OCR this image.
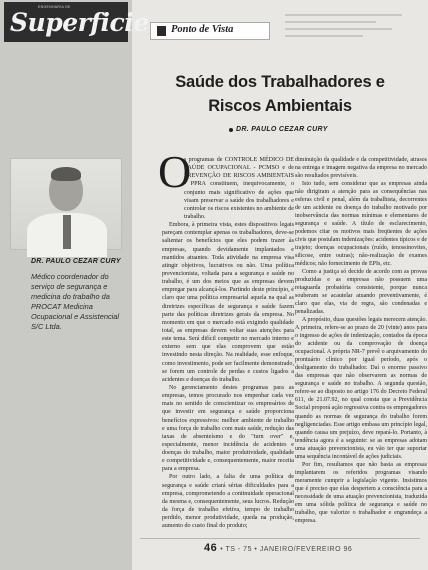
ENGENHARIA DE
Superficie
DR. PAULO CEZAR CURY
Médico coordenador do serviço de segurança e medicina do trabalho da PROCAT Medicina Ocupacional e Assistencial S/C Ltda.
Ponto de Vista
Saúde dos Trabalhadores e
Riscos Ambientais
DR. PAULO CEZAR CURY
O

s programas de CONTROLE MÉDICO DE SAÚDE OCUPACIONAL - PCMSO e de PREVENÇÃO DE RISCOS AMBIENTAIS - PPRA constituem, inequivocamente, o conjunto mais significativo de ações que visam preservar a saúde dos trabalhadores e controlar os riscos existentes no ambiente de trabalho.

Embora, à primeira vista, estes dispositivos legais pareçam contemplar apenas os trabalhadores, deve-se salientar os benefícios que eles podem trazer às empresas, quando devidamente implantados e mantidos atuantes. Toda atividade na empresa visa atingir objetivos, lucrativos ou não. Uma política prevencionista, voltada para a segurança e saúde no trabalho, é um dos meios que as empresas devem empregar para alcançá-los. Partindo deste princípio, é claro que uma política empresarial aquela na qual as diretrizes específicas de segurança e saúde fazem parte das políticas diretrizes gerais da empresa. No momento em que o mercado está exigindo qualidade total, as empresas devem voltar suas atenções para este tema. Será difícil competir no mercado interno e externo sem que elas comprovem que estão investindo nesta direção. Na realidade, esse enfoque, como investimento, pode ser facilmente demonstrado, se forem um controle de perdas e custos ligados a acidentes e doenças do trabalho.

No gerenciamento destes programas para as empresas, temos procurado nos empenhar cada vez mais no sentido de conscientizar os empresários de que investir em segurança e saúde proporciona benefícios expressivos: melhor ambiente de trabalho e uma força de trabalho com mais saúde, redução das taxas de absenteísmo e do "turn over" e, especialmente, menor incidência de acidentes e doenças do trabalho, maior produtividade, qualidade e competitividade e, consequentemente, maior receita para a empresa.

Por outro lado, a falta de uma política de segurança e saúde criará sérias dificuldades para a empresa, comprometendo a continuidade operacional da mesma e, consequentemente, seus lucros. Redução da força de trabalho efetiva, tempo de trabalho perdido, menor produtividade, queda na produção, aumento do custo final do produto;

diminuição da qualidade e da competitividade, atrasos na entrega e imagem negativa da empresa no mercado são resultados previsíveis.

Isto tudo, sem considerar que as empresas ainda não dirigiram a atenção para as consequências nas esferas civil e penal, além da trabalhista, decorrentes de um acidente ou doença do trabalho motivado por inobservância das normas mínimas e elementares de segurança e saúde. A título de esclarecimento, podemos citar os motivos mais freqüentes de ações civis que postulam indenizações: acidentes típicos e de trajeto; doenças ocupacionais (ruído, tenossinovites, silicose, entre outras); não-realização de exames médicos; não fornecimento de EPIs, etc.

Como a justiça só decide de acordo com as provas produzidas e as empresas não possuem uma retaguarda probatória consistente, porque nunca souberam se acautelar atuando preventivamente, é claro que elas, via de regra, são condenadas e penalizadas.

A propósito, duas questões legais merecem atenção. A primeira, refere-se ao prazo de 20 (vinte) anos para o ingresso de ações de indenização, contados da época do acidente ou da comprovação de doença ocupacional. A própria NR-7 prevê o arquivamento do prontuário clínico por igual período, após o desligamento do trabalhador. Daí o enorme passivo das empresas que não observarem as normas de segurança e saúde no trabalho. A segunda questão, refere-se ao disposto no artigo 176 do Decreto Federal 611, de 21.07.92, no qual consta que a Previdência Social proporá ação regressiva contra os empregadores quando as normas de segurança do trabalho forem negligenciadas. Esse artigo embasa um princípio legal, quando causa um prejuízo, deve repará-lo. Portanto, à tendência agora é a seguinte: se as empresas adotam uma atuação prevencionista, eu vão ter que suportar uma sequência incontável de ações judiciais.

Por fim, resultamos que não basta as empresas implantarem os referidos programas visando meramente cumprir a legislação vigente. Insistimos que é preciso que elas despertem a consciência para a necessidade de uma atuação prevencionista, traduzida em uma sólida política de segurança e saúde no trabalho, que valorize o trabalhador e engrandeça a empresa.

46 • TS - 75 • JANEIRO/FEVEREIRO 96
